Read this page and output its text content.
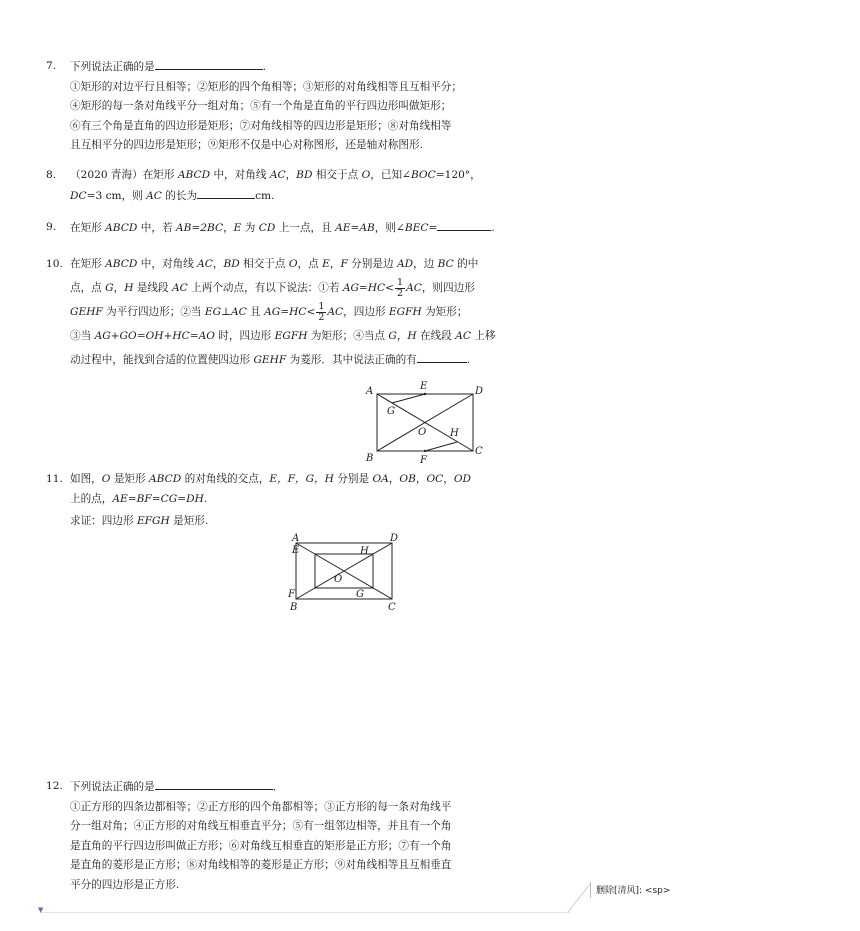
7. 下列说法正确的是	.
①矩形的对边平行且相等；②矩形的四个角相等；③矩形的对角线相等且互相平分；
④矩形的每一条对角线平分一组对角；⑤有一个角是直角的平行四边形叫做矩形；
⑥有三个角是直角的四边形是矩形；⑦对角线相等的四边形是矩形；⑧对角线相等
且互相平分的四边形是矩形；⑨矩形不仅是中心对称图形，还是轴对称图形.
8. （2020 青海）在矩形 ABCD 中，对角线 AC，BD 相交于点 O，已知∠BOC=120°，
DC=3 cm，则 AC 的长为	cm.
9. 在矩形 ABCD 中，若 AB=2BC，E 为 CD 上一点，且 AE=AB，则∠BEC=	.
10. 在矩形 ABCD 中，对角线 AC，BD 相交于点 O，点 E，F 分别是边 AD，边 BC 的中
点，点 G，H 是线段 AC 上两个动点，有以下说法：①若 $AG=HC< \frac{1}{2}$ AC，则四边形
GEHF 为平行四边形；②当 EG⊥AC 且 $AG=HC< \frac{1}{2}$ AC，四边形 EGFH 为矩形；
③当 AG+GO=OH+HC=AO 时，四边形 EGFH 为矩形；④当点 G，H 在线段 AC 上移
动过程中，能找到合适的位置使四边形 GEHF 为菱形．其中说法正确的有	.
A	D
B
C
E
F
G
H
O
11. 如图，O 是矩形 ABCD 的对角线的交点，E，F，G，H 分别是 OA，OB，OC，OD
上的点，AE=BF=CG=DH.
求证：四边形 EFGH 是矩形.
A	D
E	H
O
F	G
B	C
12. 下列说法正确的是	．
①正方形的四条边都相等；②正方形的四个角都相等；③正方形的每一条对角线平
分一组对角；④正方形的对角线互相垂直平分；⑤有一组邻边相等，并且有一个角
是直角的平行四边形叫做正方形；⑥对角线互相垂直的矩形是正方形；⑦有一个角
是直角的菱形是正方形；⑧对角线相等的菱形是正方形；⑨对角线相等且互相垂直
平分的四边形是正方形.
▼
删除[清风]: <sp>
